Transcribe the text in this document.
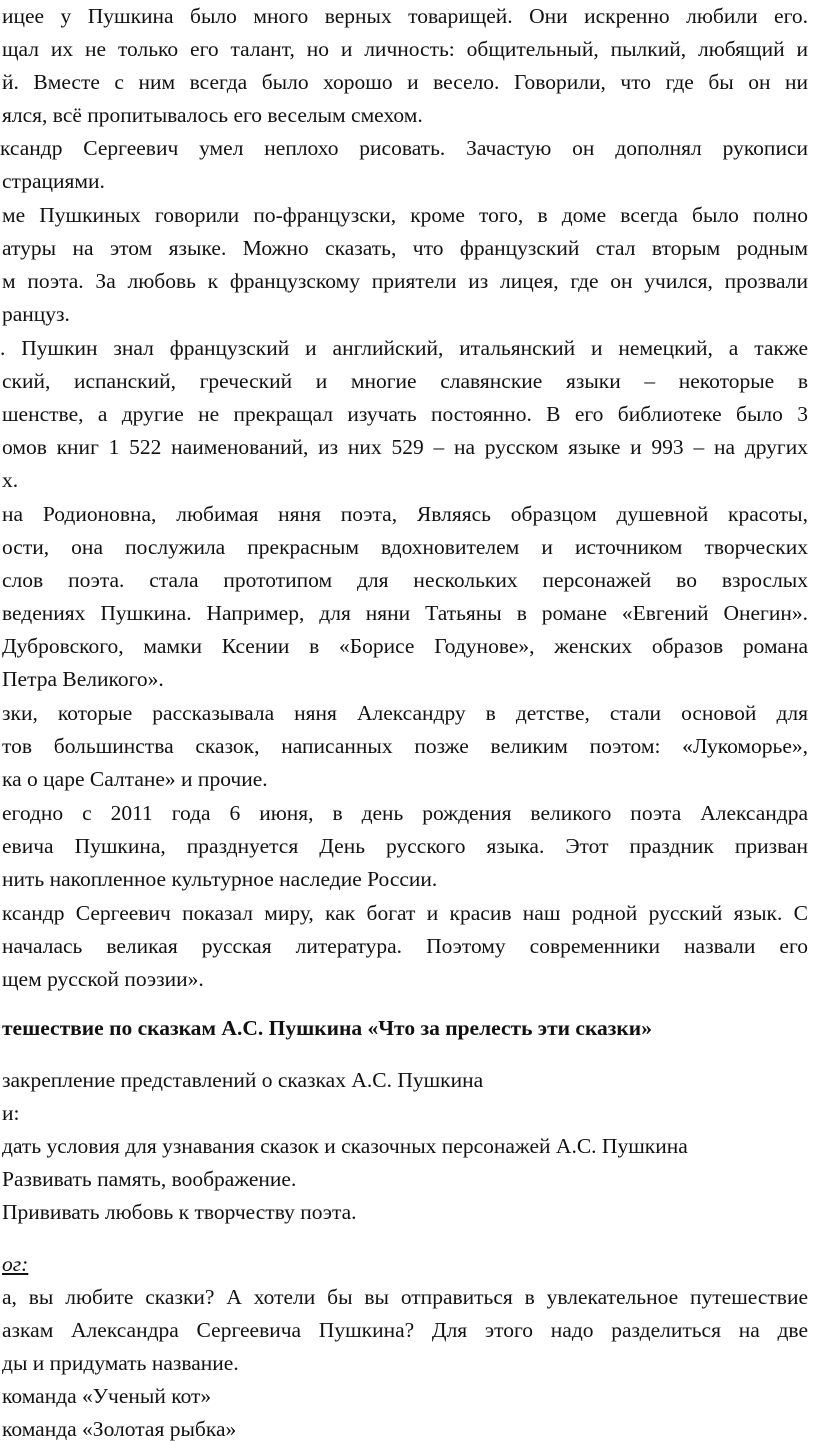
ицее у Пушкина было много верных товарищей. Они искренно любили его.
щал их не только его талант, но и личность: общительный, пылкий, любящий и
й. Вместе с ним всегда было хорошо и весело. Говорили, что где бы он ни
ялся, всё пропитывалось его веселым смехом.
ксандр Сергеевич умел неплохо рисовать. Зачастую он дополнял рукописи
страциями.
ме Пушкиных говорили по-французски, кроме того, в доме всегда было полно
атуры на этом языке. Можно сказать, что французский стал вторым родным
м поэта. За любовь к французскому приятели из лицея, где он учился, прозвали
ранцуз.
. Пушкин знал французский и английский, итальянский и немецкий, а также
ский, испанский, греческий и многие славянские языки – некоторые в
шенстве, а другие не прекращал изучать постоянно. В его библиотеке было 3
омов книг 1 522 наименований, из них 529 – на русском языке и 993 – на других
х.
на Родионовна, любимая няня поэта, Являясь образцом душевной красоты,
ости, она послужила прекрасным вдохновителем и источником творческих
слов поэта. стала прототипом для нескольких персонажей во взрослых
ведениях Пушкина. Например, для няни Татьяны в романе «Евгений Онегин».
Дубровского, мамки Ксении в «Борисе Годунове», женских образов романа
Петра Великого».
зки, которые рассказывала няня Александру в детстве, стали основой для
тов большинства сказок, написанных позже великим поэтом: «Лукоморье»,
ка о царе Салтане» и прочие.
егодно с 2011 года 6 июня, в день рождения великого поэта Александра
евича Пушкина, празднуется День русского языка. Этот праздник призван
нить накопленное культурное наследие России.
ксандр Сергеевич показал миру, как богат и красив наш родной русский язык. С
началась великая русская литература. Поэтому современники назвали его
щем русской поэзии».
тешествие по сказкам А.С. Пушкина «Что за прелесть эти сказки»
закрепление представлений о сказках А.С. Пушкина
и:
дать условия для узнавания сказок и сказочных персонажей А.С. Пушкина
Развивать память, воображение.
Прививать любовь к творчеству поэта.
ог:
а, вы любите сказки? А хотели бы вы отправиться в увлекательное путешествие
азкам Александра Сергеевича Пушкина? Для этого надо разделиться на две
ды и придумать название.
команда «Ученый кот»
команда «Золотая рыбка»
